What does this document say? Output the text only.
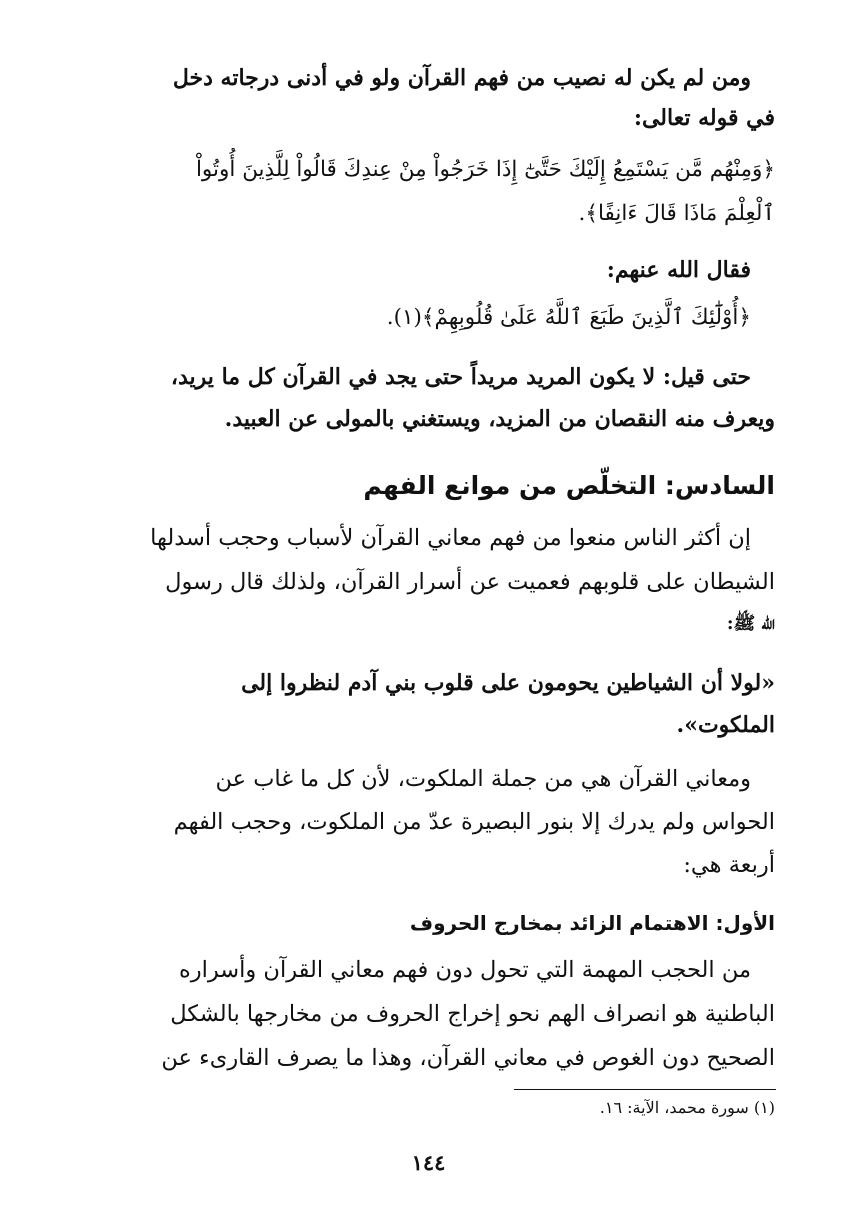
ومن لم يكن له نصيب من فهم القرآن ولو في أدنى درجاته دخل
في قوله تعالى:
﴿وَمِنْهُم مَّن يَسْتَمِعُ إِلَيْكَ حَتَّىٰٓ إِذَا خَرَجُواْ مِنْ عِندِكَ قَالُواْ لِلَّذِينَ أُوتُواْ
ٱلْعِلْمَ مَاذَا قَالَ ءَانِفًا﴾.
فقال الله عنهم:
﴿أُوْلَٰٓئِكَ ٱلَّذِينَ طَبَعَ ٱللَّهُ عَلَىٰ قُلُوبِهِمْ﴾(١).
حتى قيل: لا يكون المريد مريداً حتى يجد في القرآن كل ما يريد،
ويعرف منه النقصان من المزيد، ويستغني بالمولى عن العبيد.
السادس: التخلّص من موانع الفهم
إن أكثر الناس منعوا من فهم معاني القرآن لأسباب وحجب أسدلها
الشيطان على قلوبهم فعميت عن أسرار القرآن، ولذلك قال رسول
الله ﷺ:
«لولا أن الشياطين يحومون على قلوب بني آدم لنظروا إلى
الملكوت».
ومعاني القرآن هي من جملة الملكوت، لأن كل ما غاب عن
الحواس ولم يدرك إلا بنور البصيرة عدّ من الملكوت، وحجب الفهم
أربعة هي:
الأول: الاهتمام الزائد بمخارج الحروف
من الحجب المهمة التي تحول دون فهم معاني القرآن وأسراره
الباطنية هو انصراف الهم نحو إخراج الحروف من مخارجها بالشكل
الصحيح دون الغوص في معاني القرآن، وهذا ما يصرف القارىء عن
(١) سورة محمد، الآية: ١٦.
١٤٤
